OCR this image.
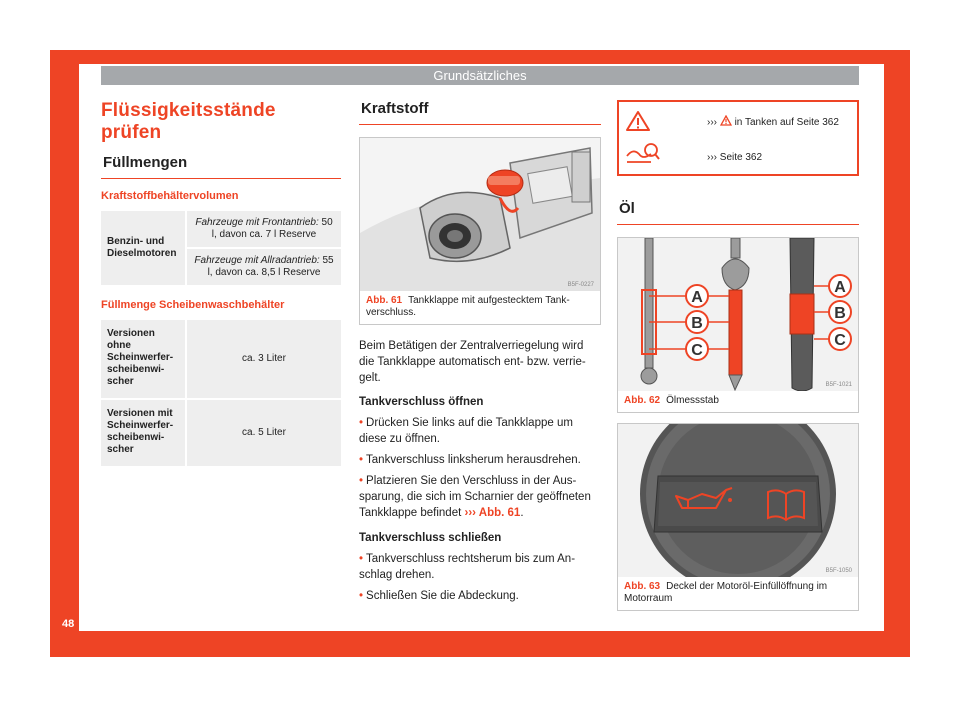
Grundsätzliches
Flüssigkeitsstände prüfen
Füllmengen
Kraftstoffbehältervolumen
Benzin- und Dieselmotoren	Fahrzeuge mit Frontantrieb: 50 l, davon ca. 7 l Reserve
Fahrzeuge mit Allradantrieb: 55 l, davon ca. 8,5 l Reserve
Füllmenge Scheibenwaschbehälter
Versionen ohne Scheinwerfer-scheibenwi-scher	ca. 3 Liter
Versionen mit Scheinwerfer-scheibenwi-scher	ca. 5 Liter
Kraftstoff
B5F-0227
Abb. 61 Tankklappe mit aufgestecktem Tank-verschluss.
Beim Betätigen der Zentralverriegelung wird die Tankklappe automatisch ent- bzw. verrie-gelt.
Tankverschluss öffnen
• Drücken Sie links auf die Tankklappe um diese zu öffnen.
• Tankverschluss linksherum herausdrehen.
• Platzieren Sie den Verschluss in der Aus-sparung, die sich im Scharnier der geöffneten Tankklappe befindet ››› Abb. 61.
Tankverschluss schließen
• Tankverschluss rechtsherum bis zum An-schlag drehen.
• Schließen Sie die Abdeckung.
››› in Tanken auf Seite 362
››› Seite 362
Öl
A
B
C
A
B
C
B5F-1021
Abb. 62 Ölmessstab
B5F-1050
Abb. 63 Deckel der Motoröl-Einfüllöffnung im Motorraum
48
